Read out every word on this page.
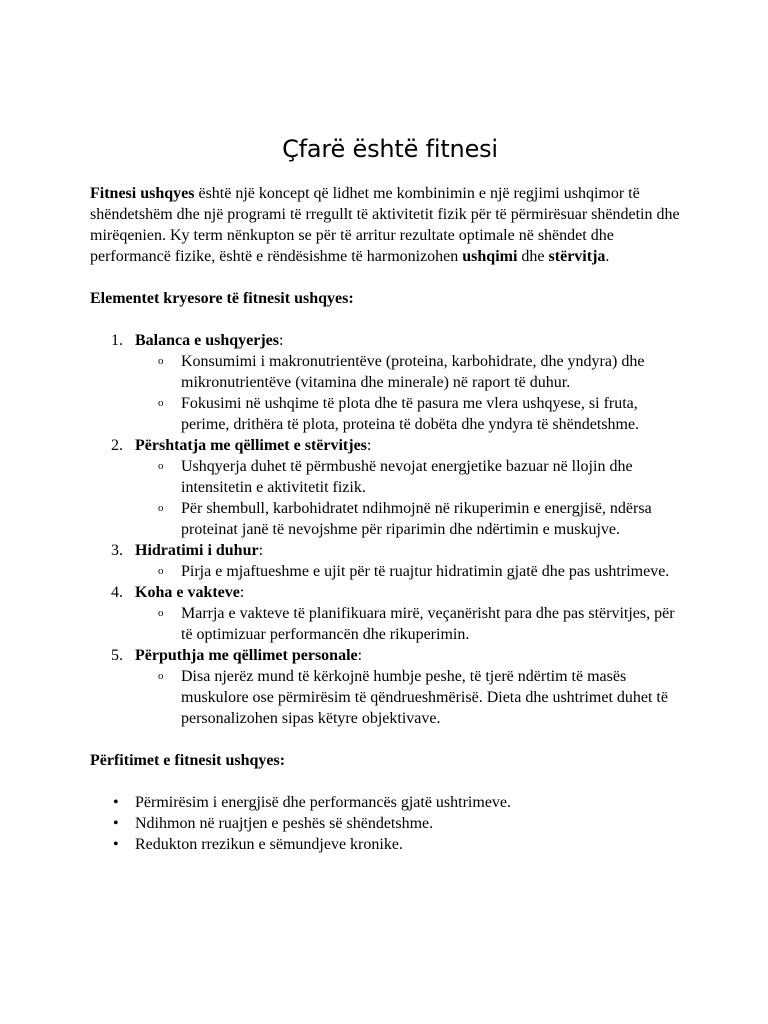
Çfarë është fitnesi

Fitnesi ushqyes është një koncept që lidhet me kombinimin e një regjimi ushqimor të shëndetshëm dhe një programi të rregullt të aktivitetit fizik për të përmirësuar shëndetin dhe mirëqenien. Ky term nënkupton se për të arritur rezultate optimale në shëndet dhe performancë fizike, është e rëndësishme të harmonizohen ushqimi dhe stërvitja.

Elementet kryesore të fitnesit ushqyes:

1. Balanca e ushqyerjes:
o Konsumimi i makronutrientëve (proteina, karbohidrate, dhe yndyra) dhe mikronutrientëve (vitamina dhe minerale) në raport të duhur.
o Fokusimi në ushqime të plota dhe të pasura me vlera ushqyese, si fruta, perime, drithëra të plota, proteina të dobëta dhe yndyra të shëndetshme.
2. Përshtatja me qëllimet e stërvitjes:
o Ushqyerja duhet të përmbushë nevojat energjetike bazuar në llojin dhe intensitetin e aktivitetit fizik.
o Për shembull, karbohidratet ndihmojnë në rikuperimin e energjisë, ndërsa proteinat janë të nevojshme për riparimin dhe ndërtimin e muskujve.
3. Hidratimi i duhur:
o Pirja e mjaftueshme e ujit për të ruajtur hidratimin gjatë dhe pas ushtrimeve.
4. Koha e vakteve:
o Marrja e vakteve të planifikuara mirë, veçanërisht para dhe pas stërvitjes, për të optimizuar performancën dhe rikuperimin.
5. Përputhja me qëllimet personale:
o Disa njerëz mund të kërkojnë humbje peshe, të tjerë ndërtim të masës muskulore ose përmirësim të qëndrueshmërisë. Dieta dhe ushtrimet duhet të personalizohen sipas këtyre objektivave.

Përfitimet e fitnesit ushqyes:

• Përmirësim i energjisë dhe performancës gjatë ushtrimeve.
• Ndihmon në ruajtjen e peshës së shëndetshme.
• Redukton rrezikun e sëmundjeve kronike.
